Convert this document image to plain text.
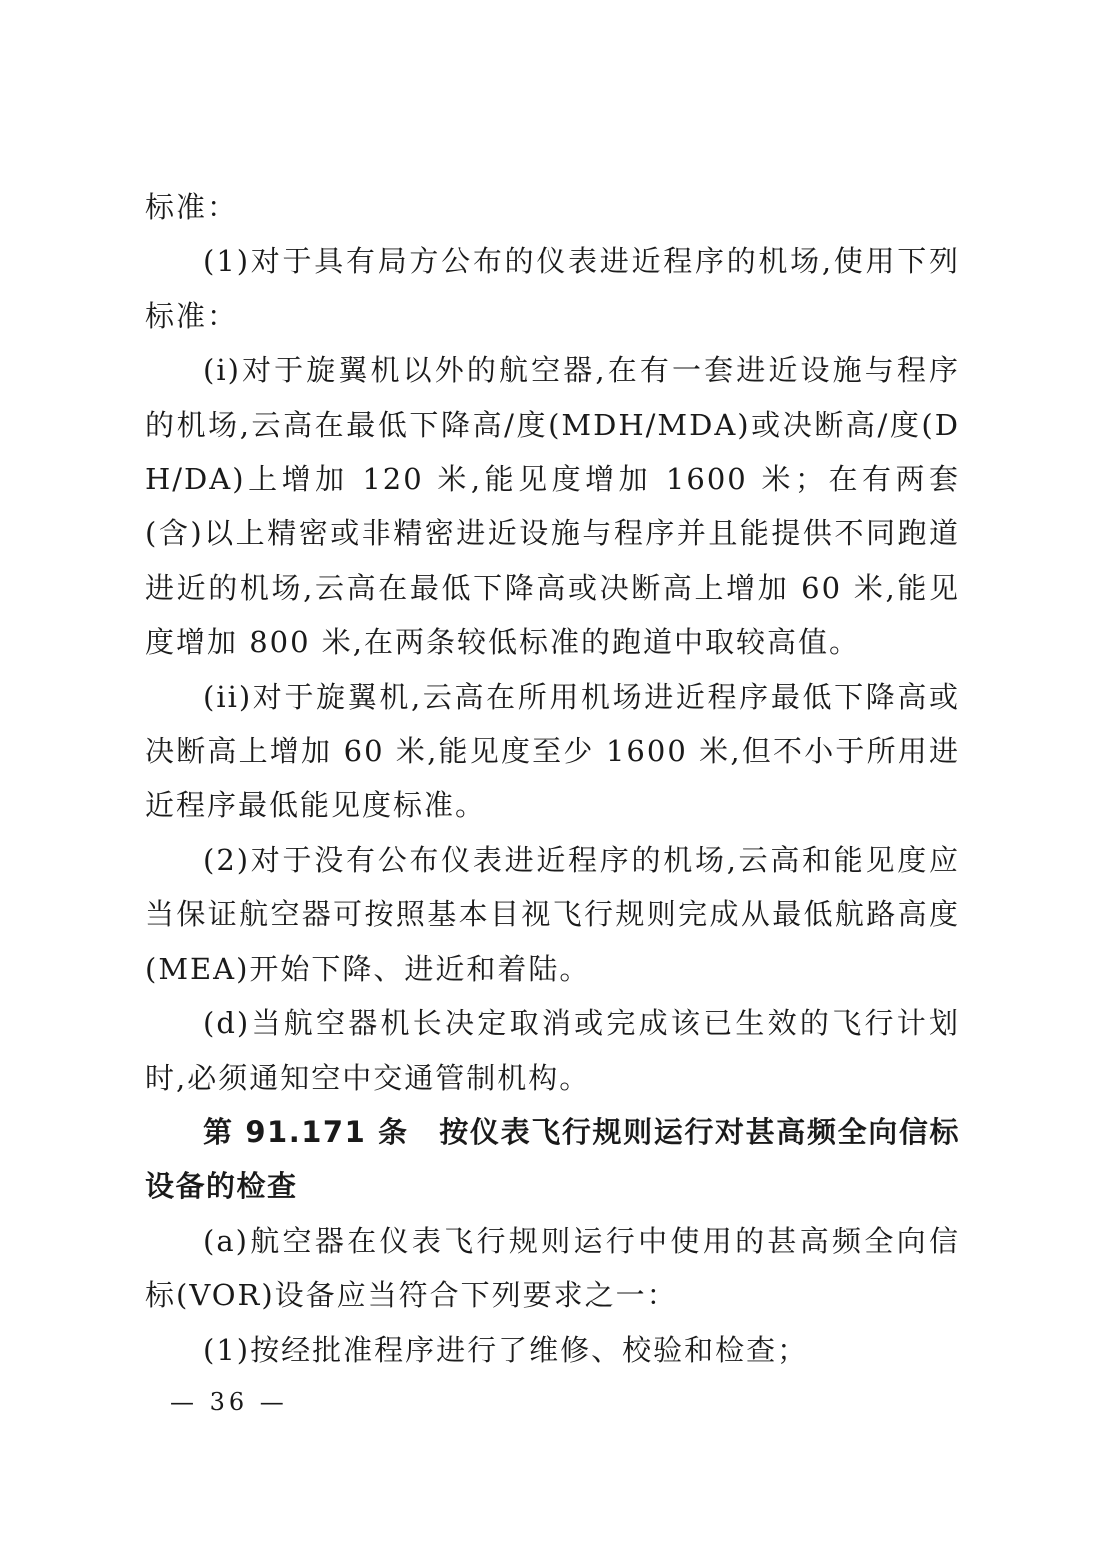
标准：

(1)对于具有局方公布的仪表进近程序的机场,使用下列标准：

(i)对于旋翼机以外的航空器,在有一套进近设施与程序的机场,云高在最低下降高/度(MDH/MDA)或决断高/度(DH/DA)上增加 120 米,能见度增加 1600 米；在有两套(含)以上精密或非精密进近设施与程序并且能提供不同跑道进近的机场,云高在最低下降高或决断高上增加 60 米,能见度增加 800 米,在两条较低标准的跑道中取较高值。

(ii)对于旋翼机,云高在所用机场进近程序最低下降高或决断高上增加 60 米,能见度至少 1600 米,但不小于所用进近程序最低能见度标准。

(2)对于没有公布仪表进近程序的机场,云高和能见度应当保证航空器可按照基本目视飞行规则完成从最低航路高度(MEA)开始下降、进近和着陆。

(d)当航空器机长决定取消或完成该已生效的飞行计划时,必须通知空中交通管制机构。

第 91.171 条　按仪表飞行规则运行对甚高频全向信标设备的检查

(a)航空器在仪表飞行规则运行中使用的甚高频全向信标(VOR)设备应当符合下列要求之一：

(1)按经批准程序进行了维修、校验和检查；

— 36 —
